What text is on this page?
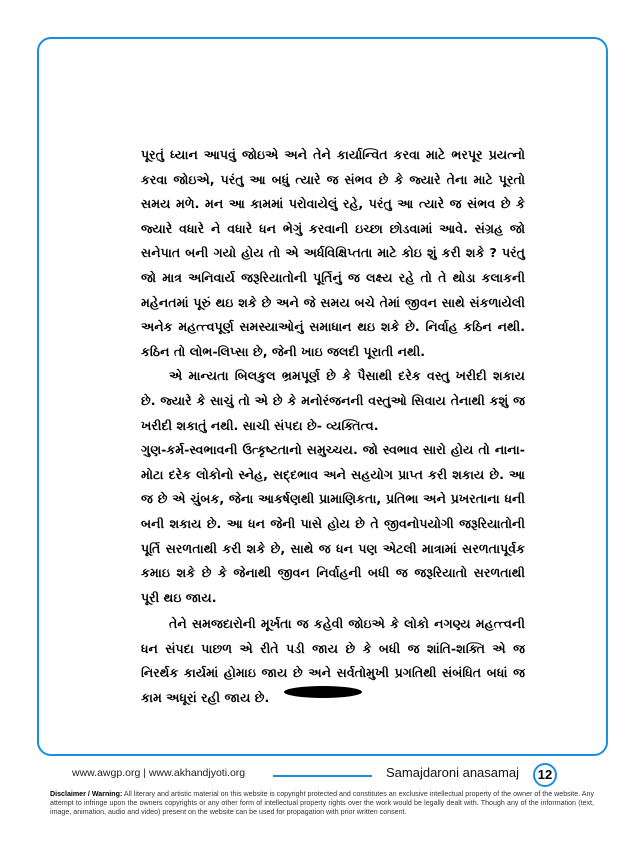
પૂરતું ધ્યાન આપવું જોઇએ અને તેને કાર્યાન્વિત કરવા માટે ભરપૂર પ્રયત્નો કરવા જોઇએ, પરંતુ આ બધું ત્યારે જ સંભવ છે કે જ્યારે તેના માટે પૂરતો સમય મળે. મન આ કામમાં પરોવાયેલું રહે, પરંતુ આ ત્યારે જ સંભવ છે કે જ્યારે વધારે ને વધારે ધન ભેગું કરવાની ઇચ્છા છોડવામાં આવે. સંગ્રહ જો સનેપાત બની ગયો હોય તો એ અર્ધવિક્ષિપ્તતા માટે કોઇ શું કરી શકે ? પરંતુ જો માત્ર અનિવાર્ય જરૂરિયાતોની પૂર્તિનું જ લક્ષ્ય રહે તો તે થોડા કલાકની મહેનતમાં પૂરું થઇ શકે છે અને જે સમય બચે તેમાં જીવન સાથે સંકળાયેલી અનેક મહત્ત્વપૂર્ણ સમસ્યાઓનું સમાધાન થઇ શકે છે. નિર્વાહ કઠિન નથી. કઠિન તો લોભ-લિપ્સા છે, જેની ખાઇ જલદી પૂરાતી નથી.

એ માન્યતા બિલકુલ ભ્રમપૂર્ણ છે કે પૈસાથી દરેક વસ્તુ ખરીદી શકાય છે. જ્યારે કે સાચું તો એ છે કે મનોરંજનની વસ્તુઓ સિવાય તેનાથી કશું જ ખરીદી શકાતું નથી. સાચી સંપદા છે- વ્યક્તિત્વ.

ગુણ-કર્મ-સ્વભાવની ઉત્કૃષ્ટતાનો સમુચ્ચય. જો સ્વભાવ સારો હોય તો નાના-મોટા દરેક લોકોનો સ્નેહ, સદ્દભાવ અને સહયોગ પ્રાપ્ત કરી શકાય છે. આ જ છે એ ચુંબક, જેના આકર્ષણથી પ્રામાણિકતા, પ્રતિભા અને પ્રખરતાના ધની બની શકાય છે. આ ધન જેની પાસે હોય છે તે જીવનોપયોગી જરૂરિયાતોની પૂર્તિ સરળતાથી કરી શકે છે, સાથે જ ધન પણ એટલી માત્રામાં સરળતાપૂર્વક કમાઇ શકે છે કે જેનાથી જીવન નિર્વાહની બધી જ જરૂરિયાતો સરળતાથી પૂરી થઇ જાય.

તેને સમજદારોની મૂર્ખતા જ કહેવી જોઇએ કે લોકો નગણ્ય મહત્ત્વની ધન સંપદા પાછળ એ રીતે પડી જાય છે કે બધી જ શાંતિ-શક્તિ એ જ નિરર્થક કાર્યમાં હોમાઇ જાય છે અને સર્વતોમુખી પ્રગતિથી સંબંધિત બધાં જ કામ અધૂરાં રહી જાય છે.

www.awgp.org | www.akhandjyoti.org	Samajdaroni anasamaj	12
Disclaimer / Warning: All literary and artistic material on this website is copyright protected and constitutes an exclusive intellectual property of the owner of the website. Any attempt to infringe upon the owners copyrights or any other form of intellectual property rights over the work would be legally dealt with. Though any of the information (text, image, animation, audio and video) present on the website can be used for propagation with prior written consent.
